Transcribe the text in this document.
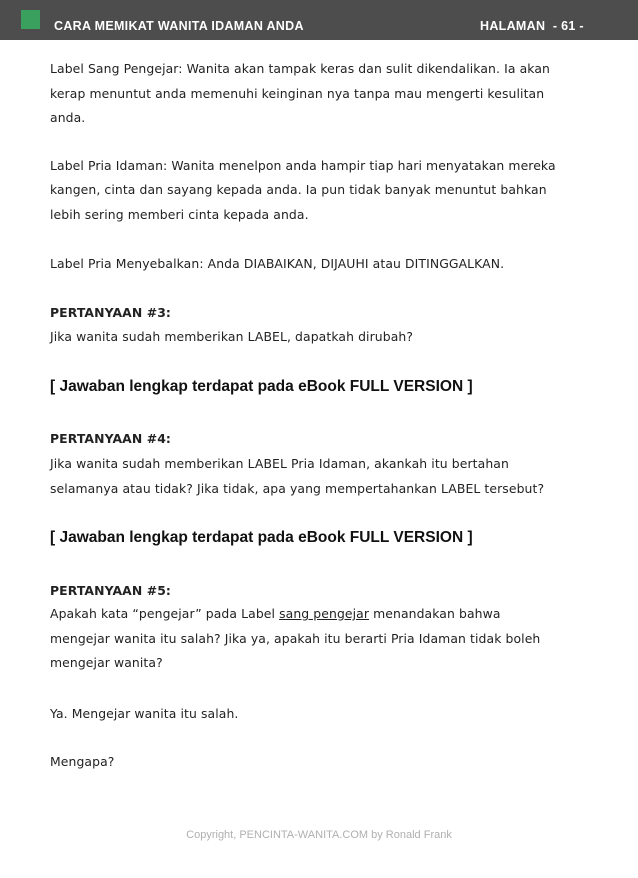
CARA MEMIKAT WANITA IDAMAN ANDA	HALAMAN  - 61 -
Label Sang Pengejar: Wanita akan tampak keras dan sulit dikendalikan. Ia akan
kerap menuntut anda memenuhi keinginan nya tanpa mau mengerti kesulitan
anda.
Label Pria Idaman: Wanita menelpon anda hampir tiap hari menyatakan mereka
kangen, cinta dan sayang kepada anda. Ia pun tidak banyak menuntut bahkan
lebih sering memberi cinta kepada anda.
Label Pria Menyebalkan: Anda DIABAIKAN, DIJAUHI atau DITINGGALKAN.
PERTANYAAN #3:
Jika wanita sudah memberikan LABEL, dapatkah dirubah?
[ Jawaban lengkap terdapat pada eBook FULL VERSION ]
PERTANYAAN #4:
Jika wanita sudah memberikan LABEL Pria Idaman, akankah itu bertahan
selamanya atau tidak? Jika tidak, apa yang mempertahankan LABEL tersebut?
[ Jawaban lengkap terdapat pada eBook FULL VERSION ]
PERTANYAAN #5:
Apakah kata “pengejar” pada Label sang pengejar menandakan bahwa
mengejar wanita itu salah? Jika ya, apakah itu berarti Pria Idaman tidak boleh
mengejar wanita?
Ya. Mengejar wanita itu salah.
Mengapa?
Copyright, PENCINTA-WANITA.COM by Ronald Frank
